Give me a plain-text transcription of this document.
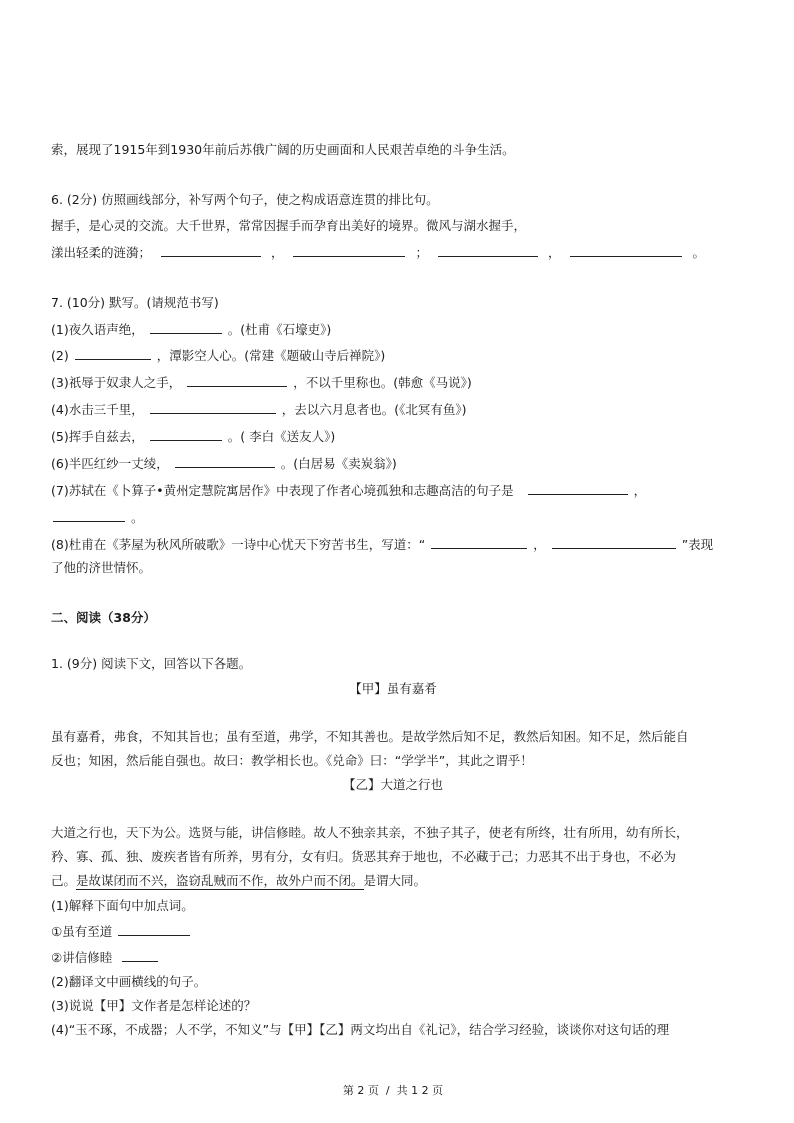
索，展现了1915年到1930年前后苏俄广阔的历史画面和人民艰苦卓绝的斗争生活。
6. (2分) 仿照画线部分，补写两个句子，使之构成语意连贯的排比句。
握手，是心灵的交流。大千世界，常常因握手而孕育出美好的境界。微风与湖水握手，
漾出轻柔的涟漪；	，	；	，	。
7. (10分) 默写。(请规范书写)
(1)夜久语声绝，	。(杜甫《石壕吏》)
(2)	，潭影空人心。(常建《题破山寺后禅院》)
(3)祇辱于奴隶人之手，	，不以千里称也。(韩愈《马说》)
(4)水击三千里，	，去以六月息者也。(《北冥有鱼》)
(5)挥手自兹去，	。( 李白《送友人》)
(6)半匹红纱一丈绫，	。(白居易《卖炭翁》)
(7)苏轼在《卜算子•黄州定慧院寓居作》中表现了作者心境孤独和志趣高洁的句子是	，
。
(8)杜甫在《茅屋为秋风所破歌》一诗中心忧天下穷苦书生，写道：“	，	”表现
了他的济世情怀。
二、阅读（38分）
1. (9分) 阅读下文，回答以下各题。
【甲】虽有嘉肴
虽有嘉肴，弗食，不知其旨也；虽有至道，弗学，不知其善也。是故学然后知不足，教然后知困。知不足，然后能自
反也；知困，然后能自强也。故曰：教学相长也。《兑命》曰：“学学半”，其此之谓乎！
【乙】大道之行也
大道之行也，天下为公。选贤与能，讲信修睦。故人不独亲其亲，不独子其子，使老有所终，壮有所用，幼有所长，
矜、寡、孤、独、废疾者皆有所养，男有分，女有归。货恶其弃于地也，不必藏于己；力恶其不出于身也，不必为
己。是故谋闭而不兴，盗窃乱贼而不作，故外户而不闭。是谓大同。
(1)解释下面句中加点词。
①虽有至道
②讲信修睦
(2)翻译文中画横线的句子。
(3)说说【甲】文作者是怎样论述的？
(4)“玉不琢，不成器；人不学，不知义”与【甲】【乙】两文均出自《礼记》，结合学习经验，谈谈你对这句话的理
第 2 页  /  共 1 2 页
